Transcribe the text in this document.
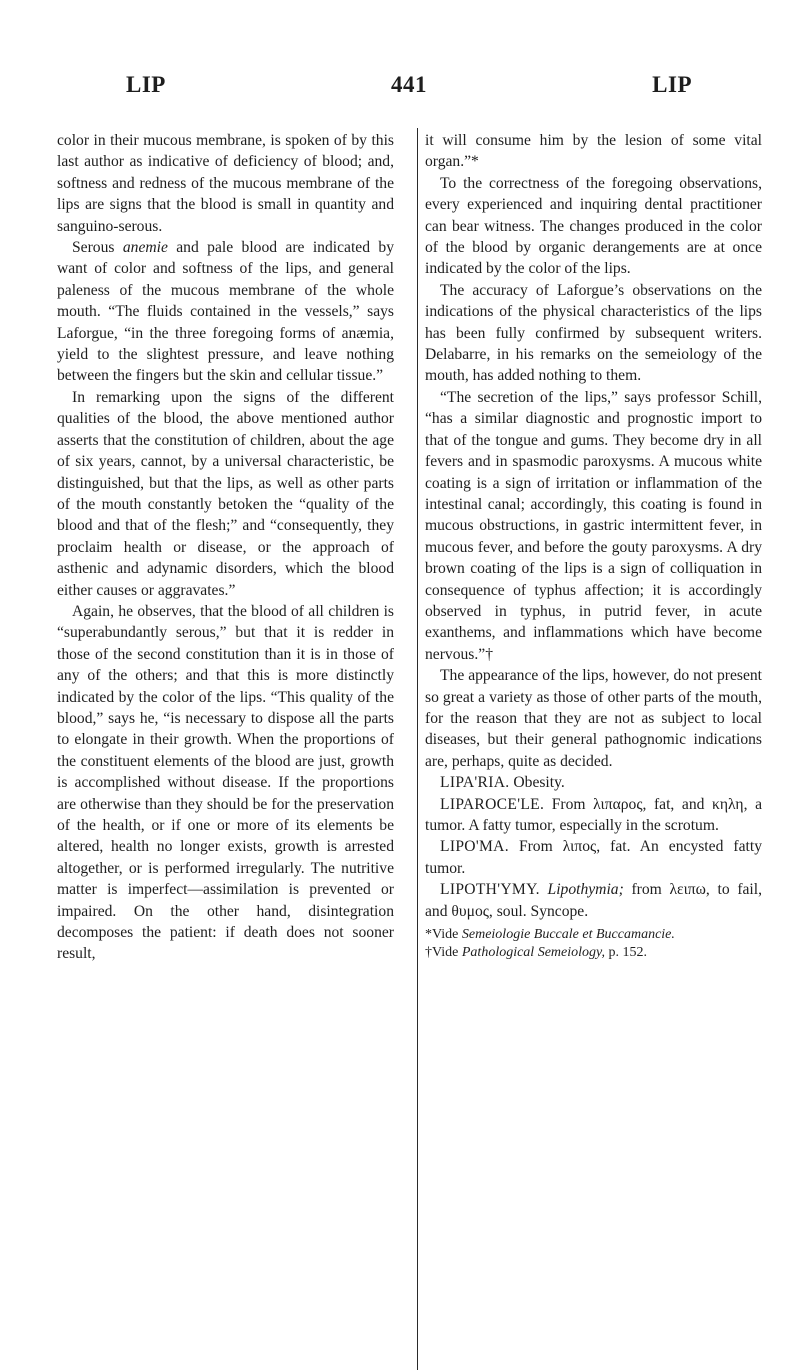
LIP	441	LIP

color in their mucous membrane, is spoken of by this last author as indicative of deficiency of blood; and, softness and redness of the mucous membrane of the lips are signs that the blood is small in quantity and sanguino-serous.

Serous anemie and pale blood are indicated by want of color and softness of the lips, and general paleness of the mucous membrane of the whole mouth. “The fluids contained in the vessels,” says Laforgue, “in the three foregoing forms of anæmia, yield to the slightest pressure, and leave nothing between the fingers but the skin and cellular tissue.”

In remarking upon the signs of the different qualities of the blood, the above mentioned author asserts that the constitution of children, about the age of six years, cannot, by a universal characteristic, be distinguished, but that the lips, as well as other parts of the mouth constantly betoken the “quality of the blood and that of the flesh;” and “consequently, they proclaim health or disease, or the approach of asthenic and adynamic disorders, which the blood either causes or aggravates.”

Again, he observes, that the blood of all children is “superabundantly serous,” but that it is redder in those of the second constitution than it is in those of any of the others; and that this is more distinctly indicated by the color of the lips. “This quality of the blood,” says he, “is necessary to dispose all the parts to elongate in their growth. When the proportions of the constituent elements of the blood are just, growth is accomplished without disease. If the proportions are otherwise than they should be for the preservation of the health, or if one or more of its elements be altered, health no longer exists, growth is arrested altogether, or is performed irregularly. The nutritive matter is imperfect—assimilation is prevented or impaired. On the other hand, disintegration decomposes the patient: if death does not sooner result,

it will consume him by the lesion of some vital organ.”*

To the correctness of the foregoing observations, every experienced and inquiring dental practitioner can bear witness. The changes produced in the color of the blood by organic derangements are at once indicated by the color of the lips.

The accuracy of Laforgue’s observations on the indications of the physical characteristics of the lips has been fully confirmed by subsequent writers. Delabarre, in his remarks on the semeiology of the mouth, has added nothing to them.

“The secretion of the lips,” says professor Schill, “has a similar diagnostic and prognostic import to that of the tongue and gums. They become dry in all fevers and in spasmodic paroxysms. A mucous white coating is a sign of irritation or inflammation of the intestinal canal; accordingly, this coating is found in mucous obstructions, in gastric intermittent fever, in mucous fever, and before the gouty paroxysms. A dry brown coating of the lips is a sign of colliquation in consequence of typhus affection; it is accordingly observed in typhus, in putrid fever, in acute exanthems, and inflammations which have become nervous.”†

The appearance of the lips, however, do not present so great a variety as those of other parts of the mouth, for the reason that they are not as subject to local diseases, but their general pathognomic indications are, perhaps, quite as decided.

LIPA'RIA. Obesity.

LIPAROCE'LE. From λιπαρος, fat, and κηλη, a tumor. A fatty tumor, especially in the scrotum.

LIPO'MA. From λιπος, fat. An encysted fatty tumor.

LIPOTH'YMY. Lipothymia; from λειπω, to fail, and θυμος, soul. Syncope.

*Vide Semeiologie Buccale et Buccamancie.

†Vide Pathological Semeiology, p. 152.
